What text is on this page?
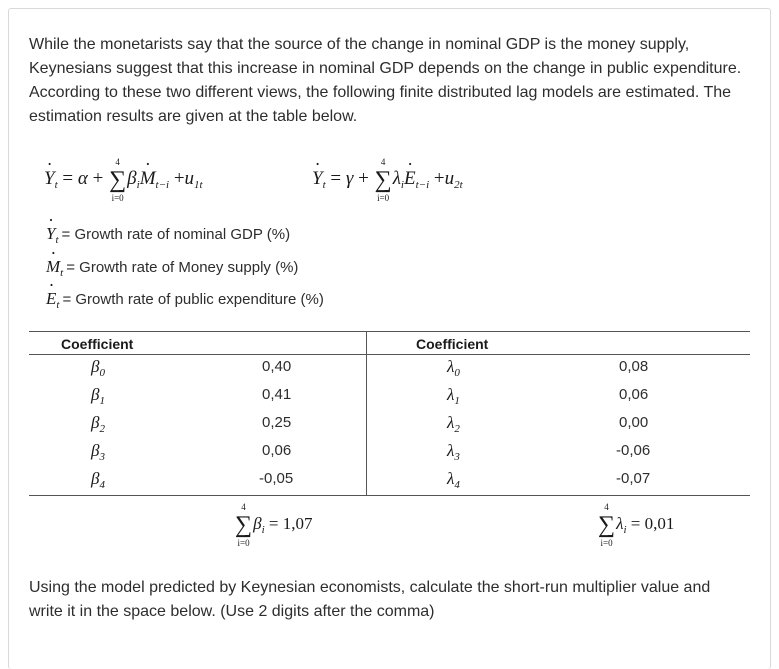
While the monetarists say that the source of the change in nominal GDP is the money supply, Keynesians suggest that this increase in nominal GDP depends on the change in public expenditure. According to these two different views, the following finite distributed lag models are estimated. The estimation results are given at the table below.
· $Y_t = \alpha$ + ∑
4
i=0
$\beta_i\cdot M_{t-i} +u_{1t}$
·	$Y_t = \gamma$ + ∑
4
i=0
$\lambda_i\cdot E_{t-i} +u_{2t}$
· $Y_t$ = Growth rate of nominal GDP (%)
· $M_t$ = Growth rate of Money supply (%)
· $E_t$ = Growth rate of public expenditure (%)
Coefficient	Coefficient
$\beta_0$
$\beta_1$
$\beta_2$
$\beta_3$
$\beta_4$
0,40
0,41
0,25
0,06
-0,05
$\lambda_0$
$\lambda_1$
$\lambda_2$
$\lambda_3$
$\lambda_4$
0,08
0,06
0,00
-0,06
-0,07
∑
4
i=0
$\beta_i = 1,07$	∑
4
i=0
$\lambda_i = 0,01$
Using the model predicted by Keynesian economists, calculate the short-run multiplier value and write it in the space below. (Use 2 digits after the comma)
